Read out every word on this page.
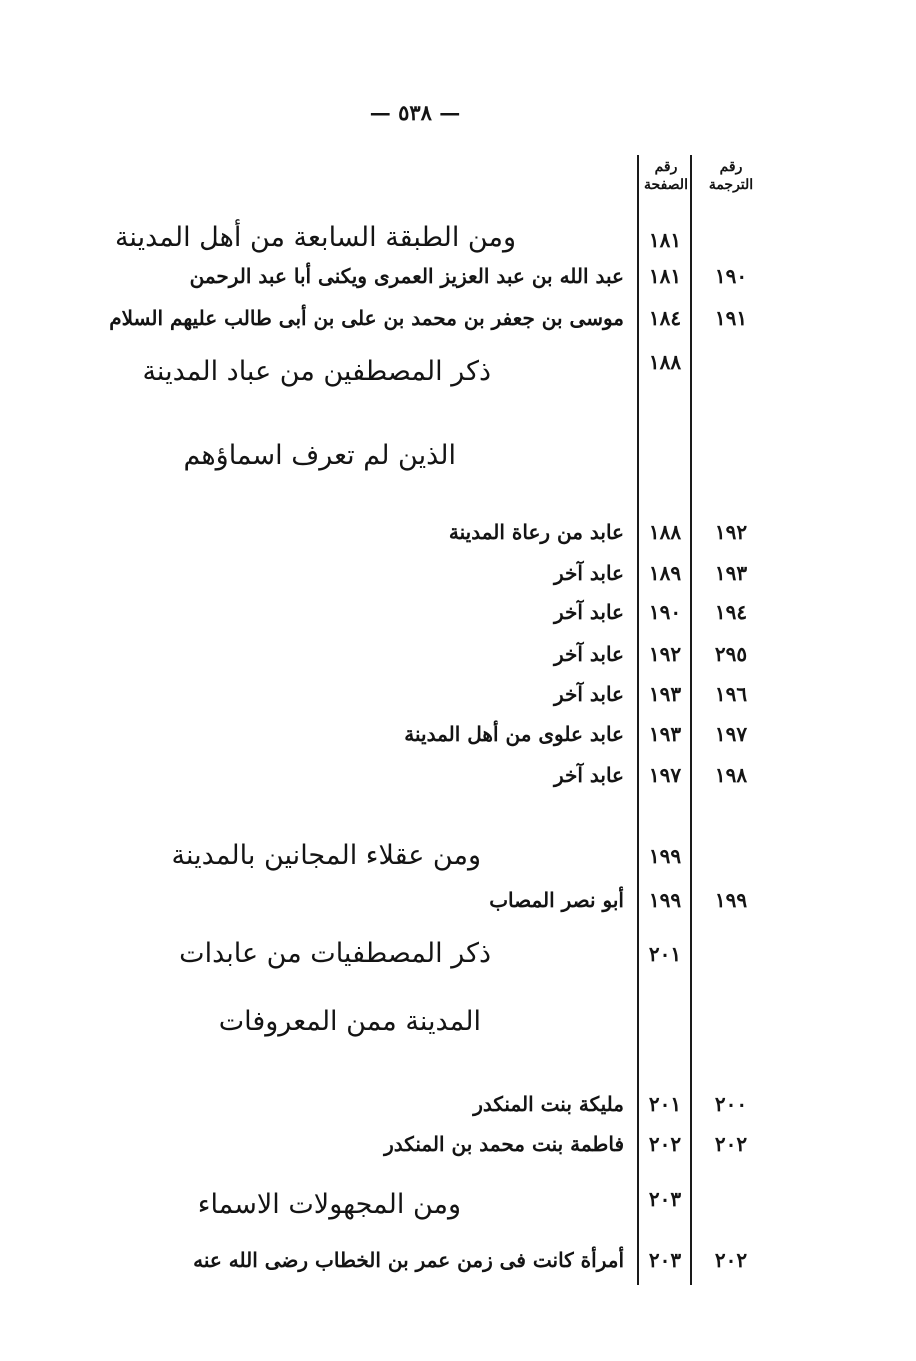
— ٥٣٨ —
رقم
الترجمة
رقم
الصفحة
١٨١
ومن الطبقة السابعة من أهل المدينة
١٩٠
١٨١
عبد الله بن عبد العزيز العمرى ويكنى أبا عبد الرحمن
١٩١
١٨٤
موسى بن جعفر بن محمد بن على بن أبى طالب عليهم السلام
١٨٨
ذكر المصطفين من عباد المدينة
الذين لم تعرف اسماؤهم
١٩٢
١٨٨
عابد من رعاة المدينة
١٩٣
١٨٩
عابد آخر
١٩٤
١٩٠
عابد آخر
٢٩٥
١٩٢
عابد آخر
١٩٦
١٩٣
عابد آخر
١٩٧
١٩٣
عابد علوى من أهل المدينة
١٩٨
١٩٧
عابد آخر
١٩٩
ومن عقلاء المجانين بالمدينة
١٩٩
١٩٩
أبو نصر المصاب
٢٠١
ذكر المصطفيات من عابدات
المدينة ممن المعروفات
٢٠٠
٢٠١
مليكة بنت المنكدر
٢٠٢
٢٠٢
فاطمة بنت محمد بن المنكدر
٢٠٣
ومن المجهولات الاسماء
٢٠٢
٢٠٣
أمرأة كانت فى زمن عمر بن الخطاب رضى الله عنه
